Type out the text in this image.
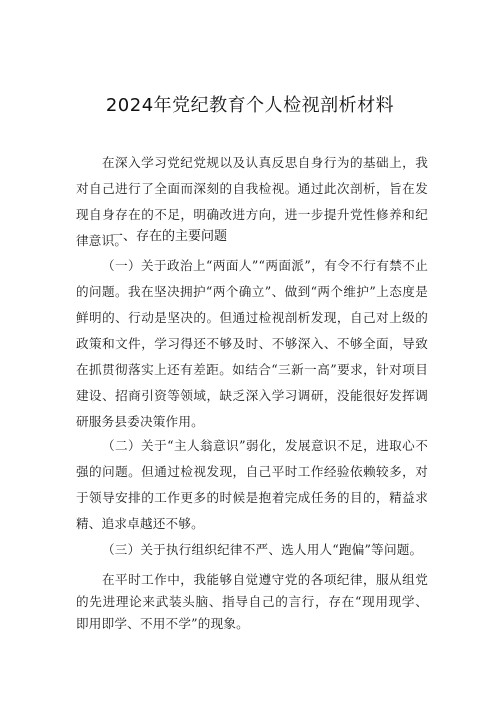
2024年党纪教育个人检视剖析材料

在深入学习党纪党规以及认真反思自身行为的基础上，我对自己进行了全面而深刻的自我检视。通过此次剖析，旨在发现自身存在的不足，明确改进方向，进一步提升党性修养和纪律意识。

一、存在的主要问题

（一）关于政治上“两面人”“两面派”，有令不行有禁不止的问题。我在坚决拥护“两个确立”、做到“两个维护”上态度是鲜明的、行动是坚决的。但通过检视剖析发现，自己对上级的政策和文件，学习得还不够及时、不够深入、不够全面，导致在抓贯彻落实上还有差距。如结合“三新一高”要求，针对项目建设、招商引资等领域，缺乏深入学习调研，没能很好发挥调研服务县委决策作用。

（二）关于“主人翁意识”弱化，发展意识不足，进取心不强的问题。但通过检视发现，自己平时工作经验依赖较多，对于领导安排的工作更多的时候是抱着完成任务的目的，精益求精、追求卓越还不够。

（三）关于执行组织纪律不严、选人用人“跑偏”等问题。

在平时工作中，我能够自觉遵守党的各项纪律，服从组党的先进理论来武装头脑、指导自己的言行，存在“现用现学、即用即学、不用不学”的现象。
